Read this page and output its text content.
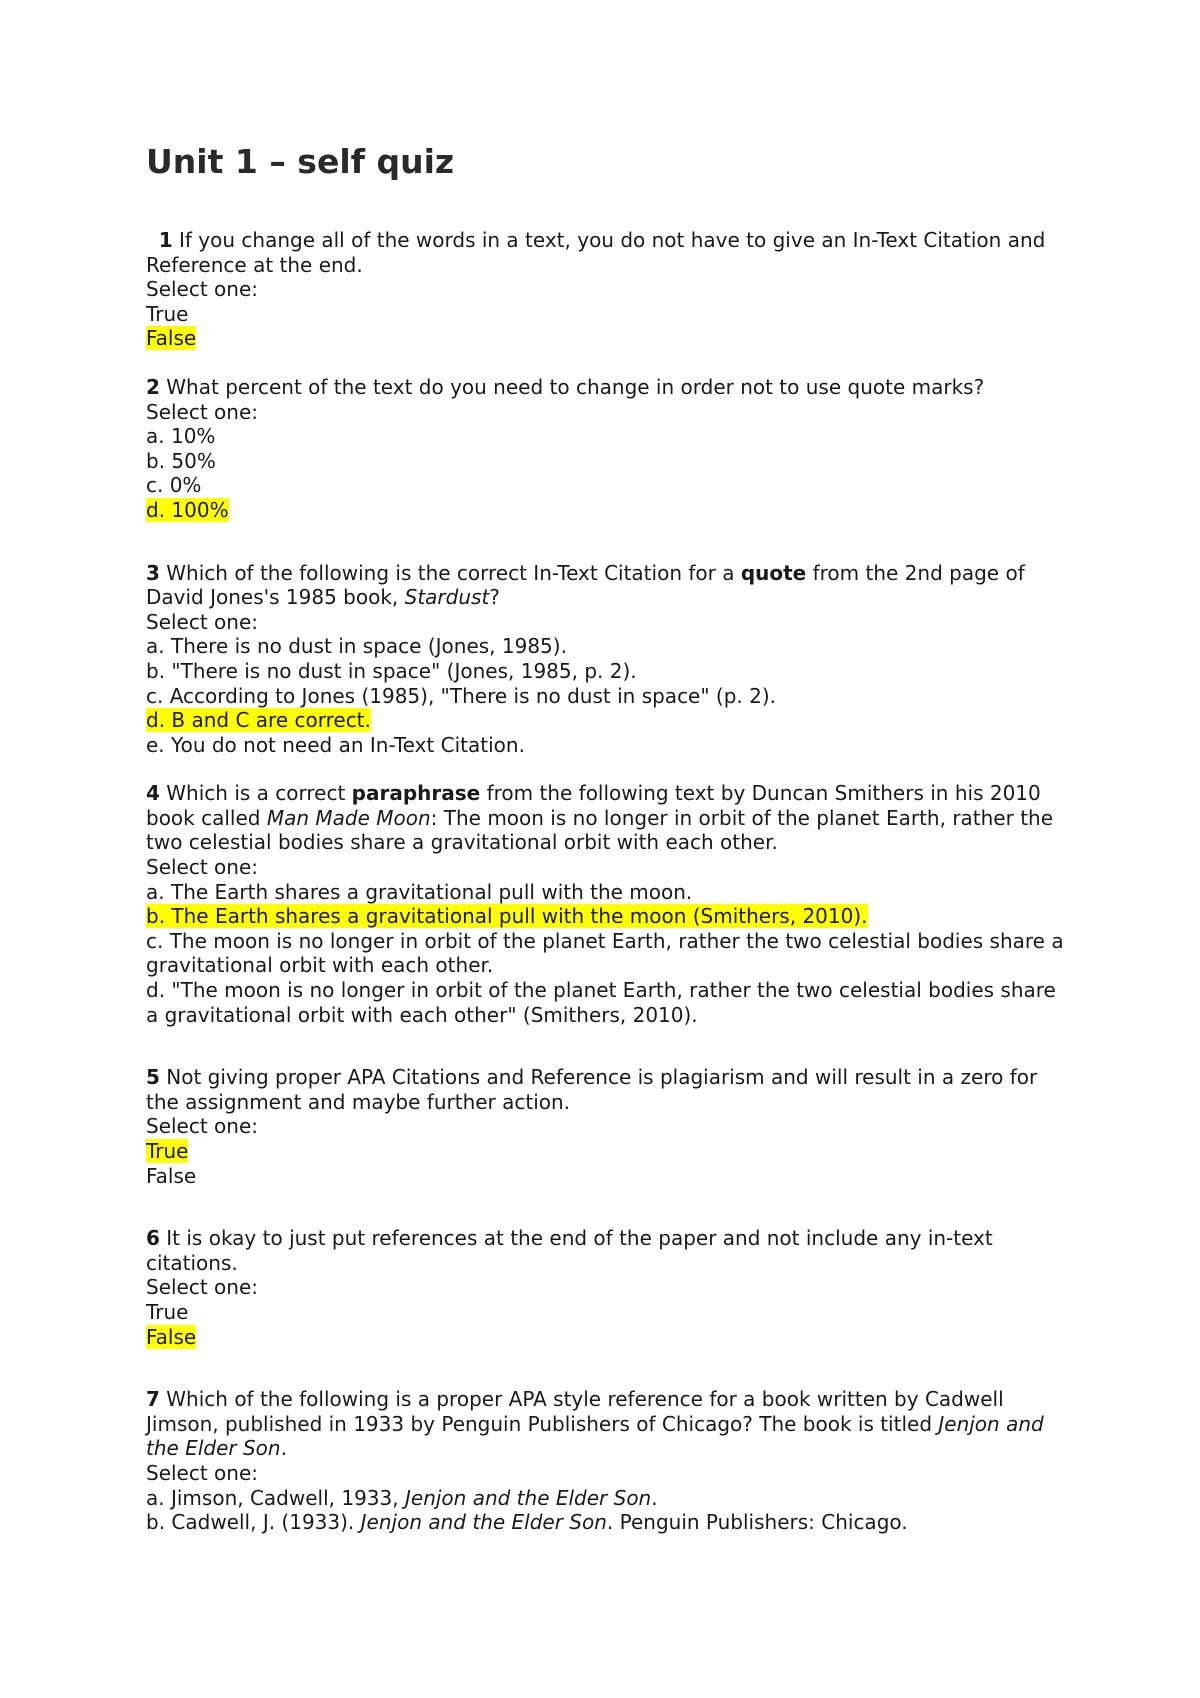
Unit 1 – self quiz
1 If you change all of the words in a text, you do not have to give an In-Text Citation and Reference at the end.
Select one:
True
False
2 What percent of the text do you need to change in order not to use quote marks?
Select one:
a. 10%
b. 50%
c. 0%
d. 100%
3 Which of the following is the correct In-Text Citation for a quote from the 2nd page of David Jones's 1985 book, Stardust?
Select one:
a. There is no dust in space (Jones, 1985).
b. "There is no dust in space" (Jones, 1985, p. 2).
c. According to Jones (1985), "There is no dust in space" (p. 2).
d. B and C are correct.
e. You do not need an In-Text Citation.
4 Which is a correct paraphrase from the following text by Duncan Smithers in his 2010 book called Man Made Moon: The moon is no longer in orbit of the planet Earth, rather the two celestial bodies share a gravitational orbit with each other.
Select one:
a. The Earth shares a gravitational pull with the moon.
b. The Earth shares a gravitational pull with the moon (Smithers, 2010).
c. The moon is no longer in orbit of the planet Earth, rather the two celestial bodies share a gravitational orbit with each other.
d. "The moon is no longer in orbit of the planet Earth, rather the two celestial bodies share a gravitational orbit with each other" (Smithers, 2010).
5 Not giving proper APA Citations and Reference is plagiarism and will result in a zero for the assignment and maybe further action.
Select one:
True
False
6 It is okay to just put references at the end of the paper and not include any in-text citations.
Select one:
True
False
7 Which of the following is a proper APA style reference for a book written by Cadwell Jimson, published in 1933 by Penguin Publishers of Chicago? The book is titled Jenjon and the Elder Son.
Select one:
a. Jimson, Cadwell, 1933, Jenjon and the Elder Son.
b. Cadwell, J. (1933). Jenjon and the Elder Son. Penguin Publishers: Chicago.
